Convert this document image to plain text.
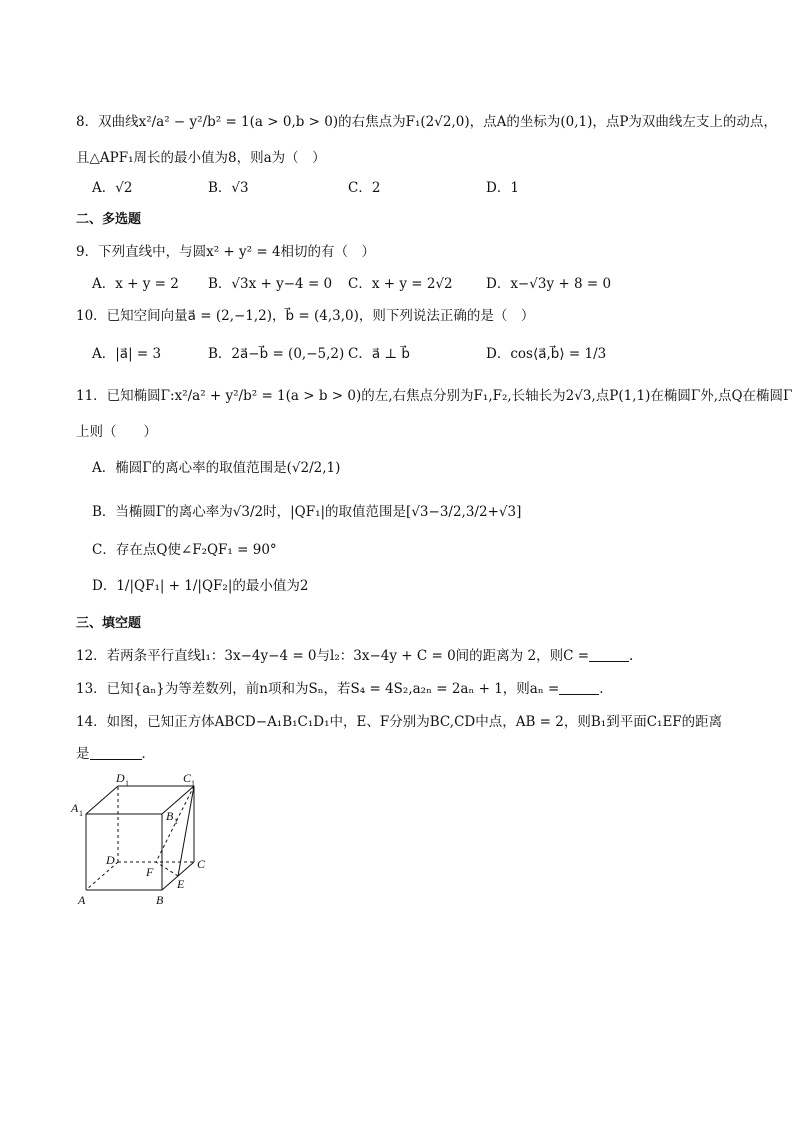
8．双曲线x²/a² − y²/b² = 1(a > 0,b > 0)的右焦点为F₁(2√2,0)，点A的坐标为(0,1)，点P为双曲线左支上的动点，
且△APF₁周长的最小值为8，则a为（　）
A．√2	B．√3	C．2	D．1
二、多选题
9．下列直线中，与圆x² + y² = 4相切的有（　）
A．x + y = 2 B．√3x + y−4 = 0 C．x + y = 2√2 D．x−√3y + 8 = 0
10．已知空间向量a⃗ = (2,−1,2)，b⃗ = (4,3,0)，则下列说法正确的是（　）
A．|a⃗| = 3	B．2a⃗−b⃗ = (0,−5,2) C．a⃗ ⊥ b⃗	D．cos⟨a⃗,b⃗⟩ = 1/3
11．已知椭圆Γ:x²/a² + y²/b² = 1(a > b > 0)的左,右焦点分别为F₁,F₂,长轴长为2√3,点P(1,1)在椭圆Γ外,点Q在椭圆Γ
上则（　　）
A．椭圆Γ的离心率的取值范围是(√2/2,1)
B．当椭圆Γ的离心率为√3/2时，|QF₁|的取值范围是[√3−3/2,3/2+√3]
C．存在点Q使∠F₂QF₁ = 90°
D．1/|QF₁| + 1/|QF₂|的最小值为2
三、填空题
12．若两条平行直线l₁：3x−4y−4 = 0与l₂：3x−4y + C = 0间的距离为 2，则C =	.
13．已知{aₙ}为等差数列，前n项和为Sₙ，若S₄ = 4S₂,a₂ₙ = 2aₙ + 1，则aₙ =	.
14．如图，已知正方体ABCD−A₁B₁C₁D₁中，E、F分别为BC,CD中点，AB = 2，则B₁到平面C₁EF的距离
是	．
A	B
C
D
E
F
A 1
D 1	C 1
B 1
